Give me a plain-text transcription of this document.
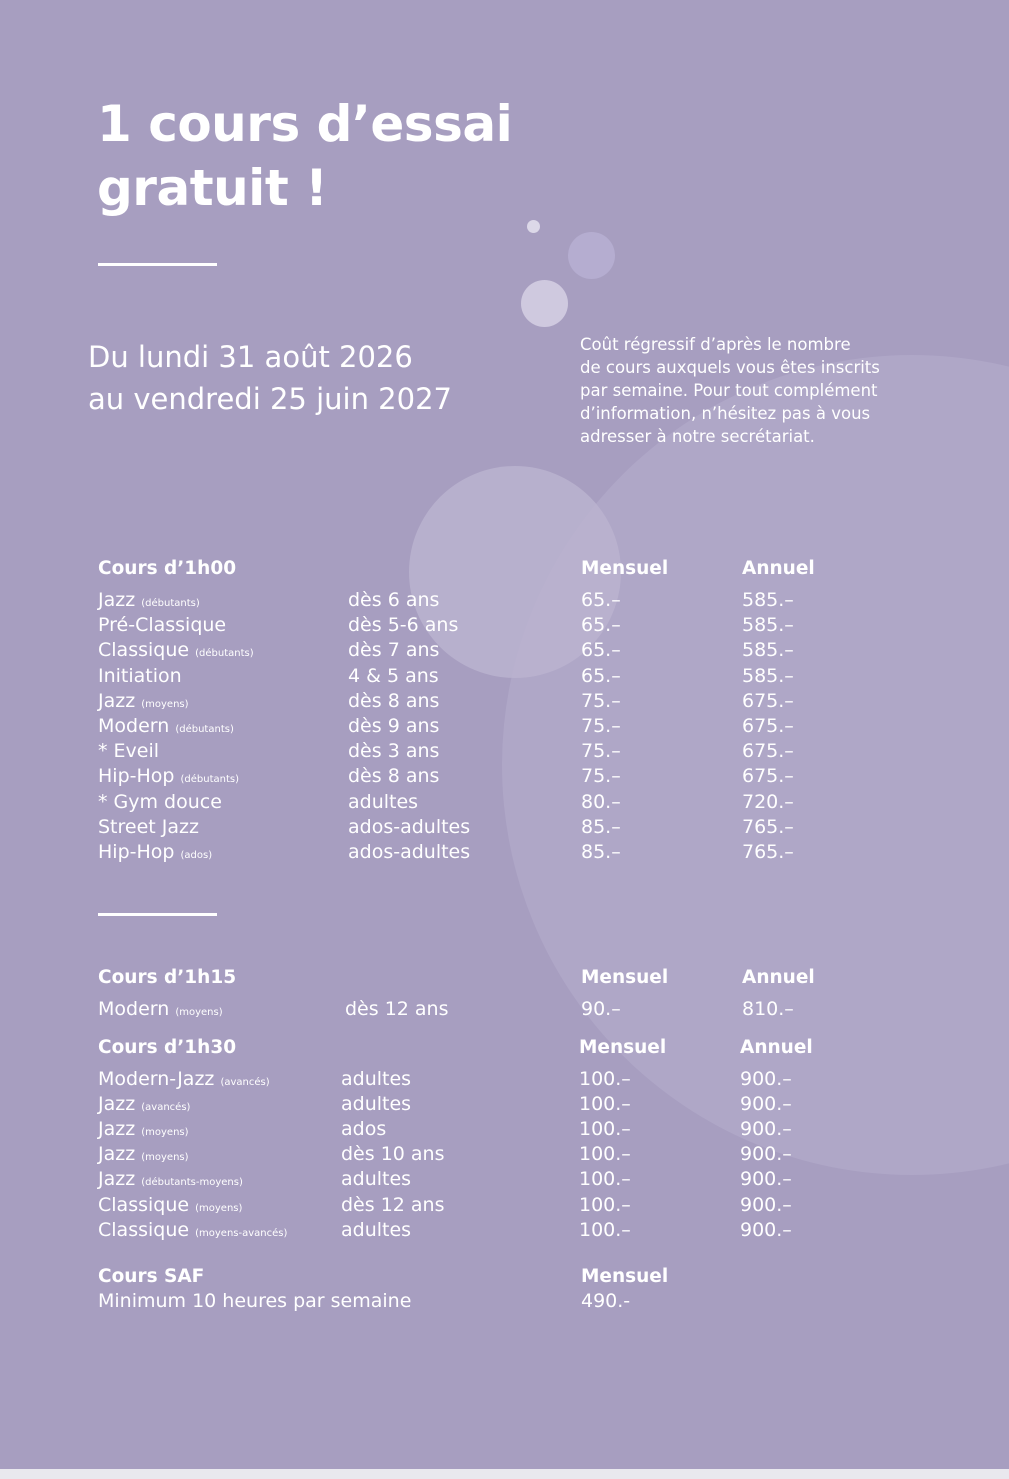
1 cours d’essai
gratuit !
Du lundi 31 août 2026
au vendredi 25 juin 2027
Coût régressif d’après le nombre
de cours auxquels vous êtes inscrits
par semaine. Pour tout complément
d’information, n’hésitez pas à vous
adresser à notre secrétariat.
Cours d’1h00	Mensuel	Annuel
Jazz (débutants)	dès 6 ans	65.–	585.–
Pré-Classique	dès 5-6 ans	65.–	585.–
Classique (débutants)	dès 7 ans	65.–	585.–
Initiation	4 & 5 ans	65.–	585.–
Jazz (moyens)	dès 8 ans	75.–	675.–
Modern (débutants)	dès 9 ans	75.–	675.–
* Eveil	dès 3 ans	75.–	675.–
Hip-Hop (débutants)	dès 8 ans	75.–	675.–
* Gym douce	adultes	80.–	720.–
Street Jazz	ados-adultes	85.–	765.–
Hip-Hop (ados)	ados-adultes	85.–	765.–
Cours d’1h15	Mensuel	Annuel
Modern (moyens)	dès 12 ans	90.–	810.–
Cours d’1h30	Mensuel	Annuel
Modern-Jazz (avancés)	adultes	100.–	900.–
Jazz (avancés)	adultes	100.–	900.–
Jazz (moyens)	ados	100.–	900.–
Jazz (moyens)	dès 10 ans	100.–	900.–
Jazz (débutants-moyens)	adultes	100.–	900.–
Classique (moyens)	dès 12 ans	100.–	900.–
Classique (moyens-avancés)	adultes	100.–	900.–
Cours SAF	Mensuel
Minimum 10 heures par semaine	490.-
